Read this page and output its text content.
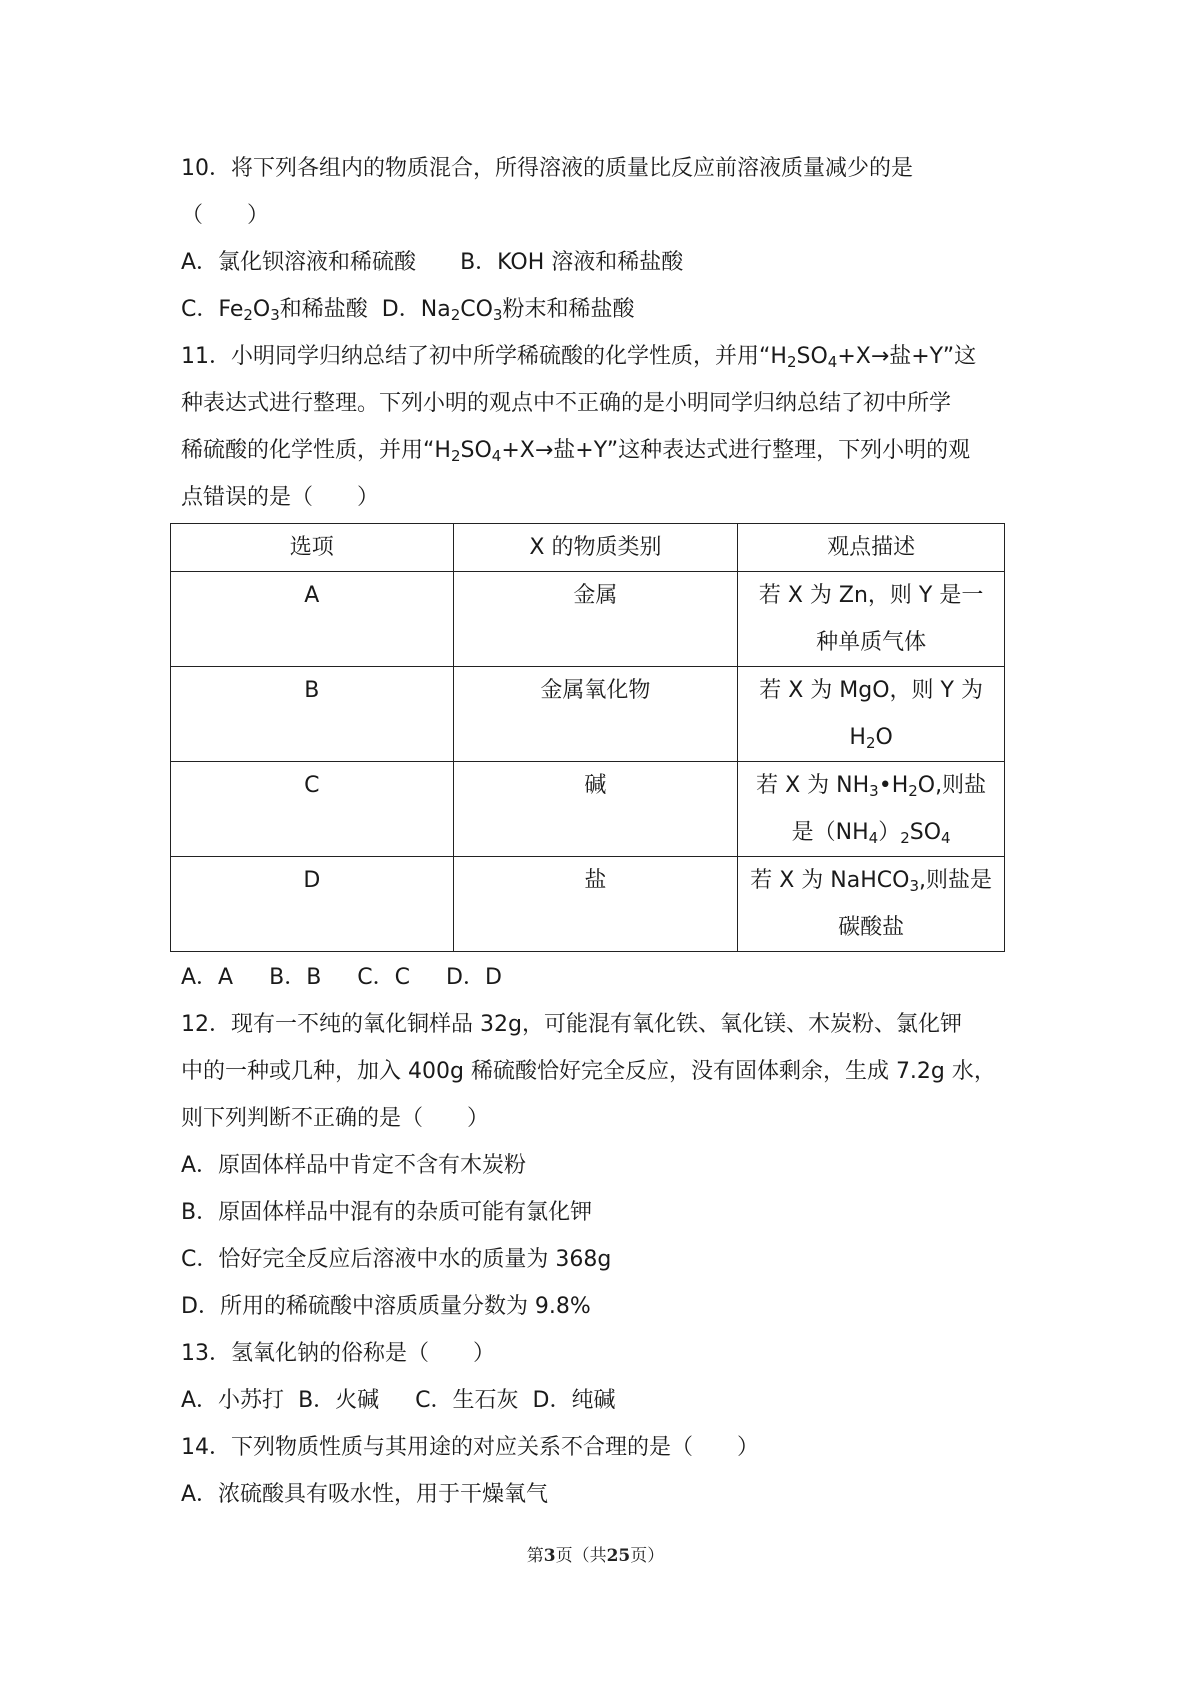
10．将下列各组内的物质混合，所得溶液的质量比反应前溶液质量减少的是
（　　）
A．氯化钡溶液和稀硫酸 B．KOH 溶液和稀盐酸
C．$Fe_2O_3$和稀盐酸 D．$Na_2CO_3$粉末和稀盐酸
11．小明同学归纳总结了初中所学稀硫酸的化学性质，并用“$H_2SO_4+X\to$盐+Y”这
种表达式进行整理。下列小明的观点中不正确的是小明同学归纳总结了初中所学
稀硫酸的化学性质，并用“$H_2SO_4+X\to$盐+Y”这种表达式进行整理，下列小明的观
点错误的是（　　）
选项	X 的物质类别	观点描述
A	金属	若 X 为 Zn，则 Y 是一
种单质气体

B	金属氧化物	若 X 为 MgO，则 Y 为
$H_2O$

C	碱	若 X 为 $NH_3•H_2O$,则盐
是$(NH_4)_2SO_4$

D	盐	若 X 为 NaHCO$_3$,则盐是
碳酸盐
A．A B．B C．C D．D
12．现有一不纯的氧化铜样品 32g，可能混有氧化铁、氧化镁、木炭粉、氯化钾
中的一种或几种，加入 400g 稀硫酸恰好完全反应，没有固体剩余，生成 7.2g 水，
则下列判断不正确的是（　　）
A．原固体样品中肯定不含有木炭粉
B．原固体样品中混有的杂质可能有氯化钾
C．恰好完全反应后溶液中水的质量为 368g
D．所用的稀硫酸中溶质质量分数为 9.8%
13．氢氧化钠的俗称是（　　）
A．小苏打 B．火碱 C．生石灰 D．纯碱
14．下列物质性质与其用途的对应关系不合理的是（　　）
A．浓硫酸具有吸水性，用于干燥氧气
第3页（共25页）
